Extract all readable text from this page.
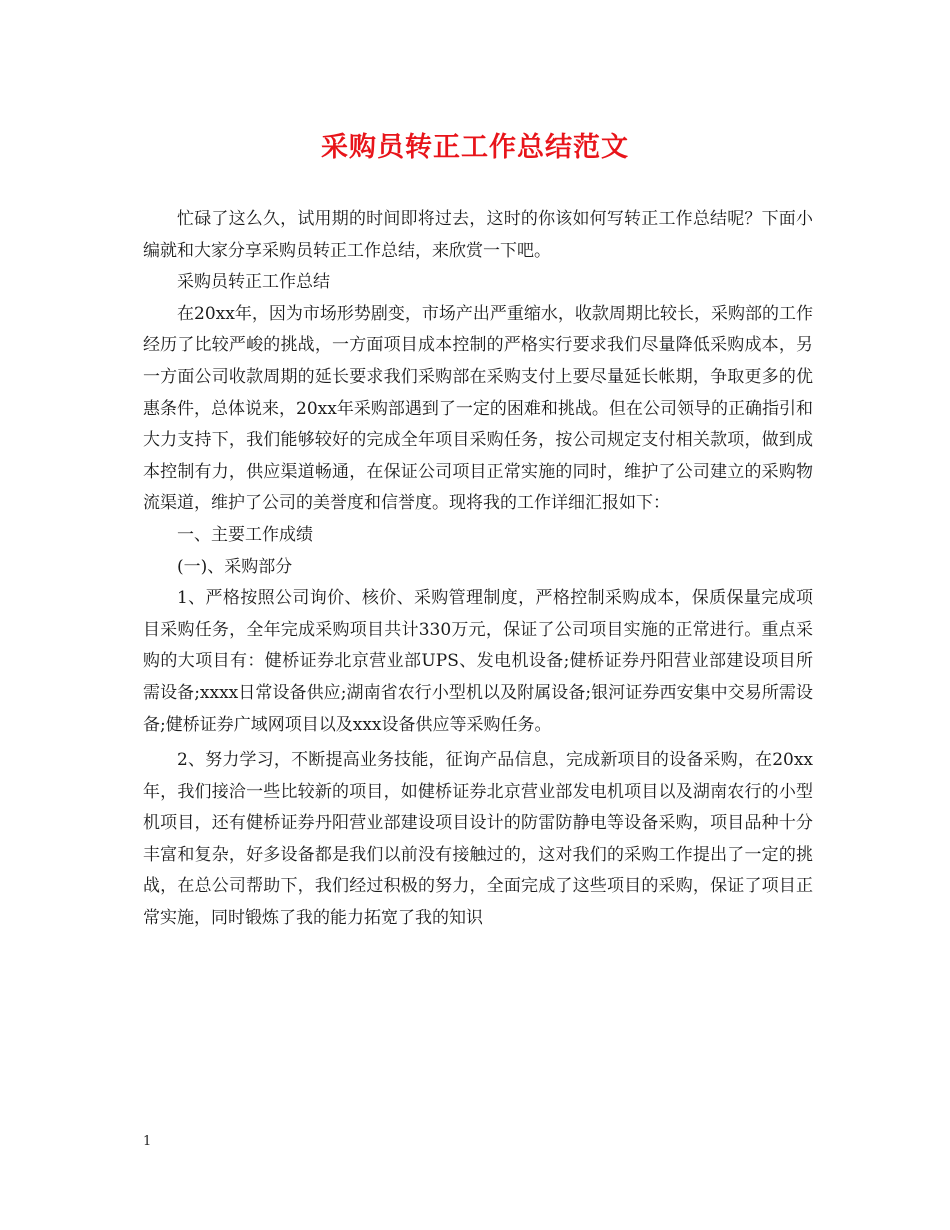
采购员转正工作总结范文

忙碌了这么久，试用期的时间即将过去，这时的你该如何写转正工作总结呢？下面小编就和大家分享采购员转正工作总结，来欣赏一下吧。

采购员转正工作总结

在20xx年，因为市场形势剧变，市场产出严重缩水，收款周期比较长，采购部的工作经历了比较严峻的挑战，一方面项目成本控制的严格实行要求我们尽量降低采购成本，另一方面公司收款周期的延长要求我们采购部在采购支付上要尽量延长帐期，争取更多的优惠条件，总体说来，20xx年采购部遇到了一定的困难和挑战。但在公司领导的正确指引和大力支持下，我们能够较好的完成全年项目采购任务，按公司规定支付相关款项，做到成本控制有力，供应渠道畅通，在保证公司项目正常实施的同时，维护了公司建立的采购物流渠道，维护了公司的美誉度和信誉度。现将我的工作详细汇报如下：

一、主要工作成绩

(一)、采购部分

1、严格按照公司询价、核价、采购管理制度，严格控制采购成本，保质保量完成项目采购任务，全年完成采购项目共计330万元，保证了公司项目实施的正常进行。重点采购的大项目有：健桥证券北京营业部UPS、发电机设备;健桥证券丹阳营业部建设项目所需设备;xxxx日常设备供应;湖南省农行小型机以及附属设备;银河证券西安集中交易所需设备;健桥证券广域网项目以及xxx设备供应等采购任务。

2、努力学习，不断提高业务技能，征询产品信息，完成新项目的设备采购，在20xx年，我们接洽一些比较新的项目，如健桥证券北京营业部发电机项目以及湖南农行的小型机项目，还有健桥证券丹阳营业部建设项目设计的防雷防静电等设备采购，项目品种十分丰富和复杂，好多设备都是我们以前没有接触过的，这对我们的采购工作提出了一定的挑战，在总公司帮助下，我们经过积极的努力，全面完成了这些项目的采购，保证了项目正常实施，同时锻炼了我的能力拓宽了我的知识

1
